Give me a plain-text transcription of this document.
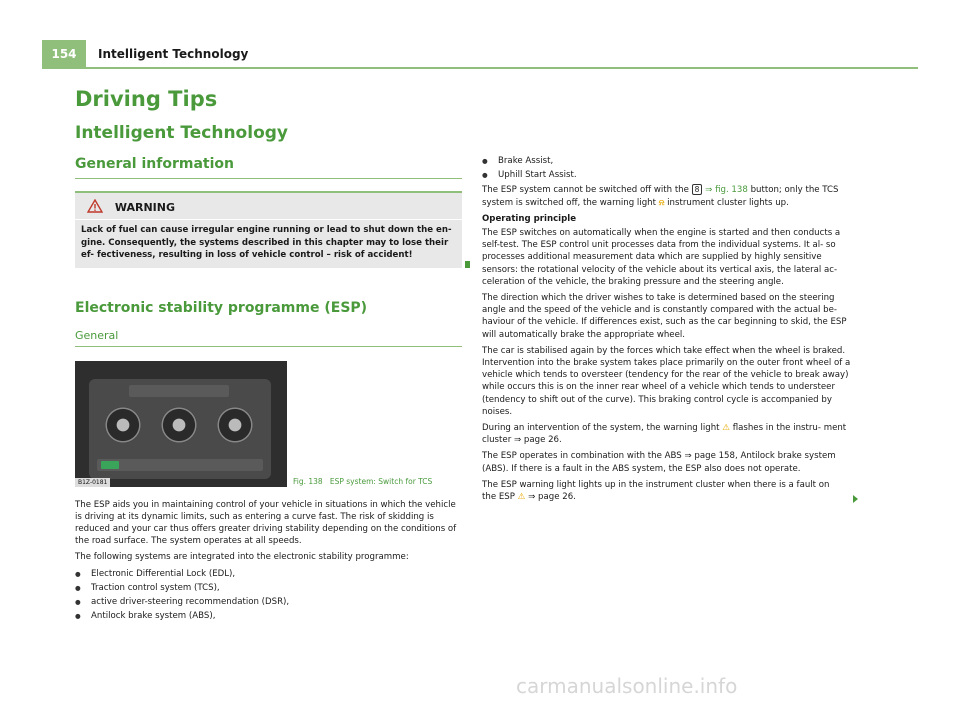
154	Intelligent Technology
Driving Tips
Intelligent Technology
General information
WARNING
Lack of fuel can cause irregular engine running or lead to shut down the en- gine. Consequently, the systems described in this chapter may to lose their ef- fectiveness, resulting in loss of vehicle control – risk of accident!
Electronic stability programme (ESP)
General
B1Z-0181	Fig. 138 ESP system: Switch for TCS

The ESP aids you in maintaining control of your vehicle in situations in which the vehicle is driving at its dynamic limits, such as entering a curve fast. The risk of skidding is reduced and your car thus offers greater driving stability depending on the conditions of the road surface. The system operates at all speeds.

The following systems are integrated into the electronic stability programme:

● Electronic Differential Lock (EDL),
● Traction control system (TCS),
● active driver-steering recommendation (DSR),
● Antilock brake system (ABS),
● Brake Assist,
● Uphill Start Assist.

The ESP system cannot be switched off with the 8 ⇒ fig. 138 button; only the TCS system is switched off, the warning light ⍾ instrument cluster lights up.

Operating principle

The ESP switches on automatically when the engine is started and then conducts a self-test. The ESP control unit processes data from the individual systems. It al- so processes additional measurement data which are supplied by highly sensitive sensors: the rotational velocity of the vehicle about its vertical axis, the lateral ac- celeration of the vehicle, the braking pressure and the steering angle.

The direction which the driver wishes to take is determined based on the steering angle and the speed of the vehicle and is constantly compared with the actual be- haviour of the vehicle. If differences exist, such as the car beginning to skid, the ESP will automatically brake the appropriate wheel.

The car is stabilised again by the forces which take effect when the wheel is braked. Intervention into the brake system takes place primarily on the outer front wheel of a vehicle which tends to oversteer (tendency for the rear of the vehicle to break away) while occurs this is on the inner rear wheel of a vehicle which tends to understeer (tendency to shift out of the curve). This braking control cycle is accompanied by noises.

During an intervention of the system, the warning light ⚠ flashes in the instru- ment cluster ⇒ page 26.

The ESP operates in combination with the ABS ⇒ page 158, Antilock brake system (ABS). If there is a fault in the ABS system, the ESP also does not operate.

The ESP warning light lights up in the instrument cluster when there is a fault on the ESP ⚠ ⇒ page 26.

carmanualsonline.info
